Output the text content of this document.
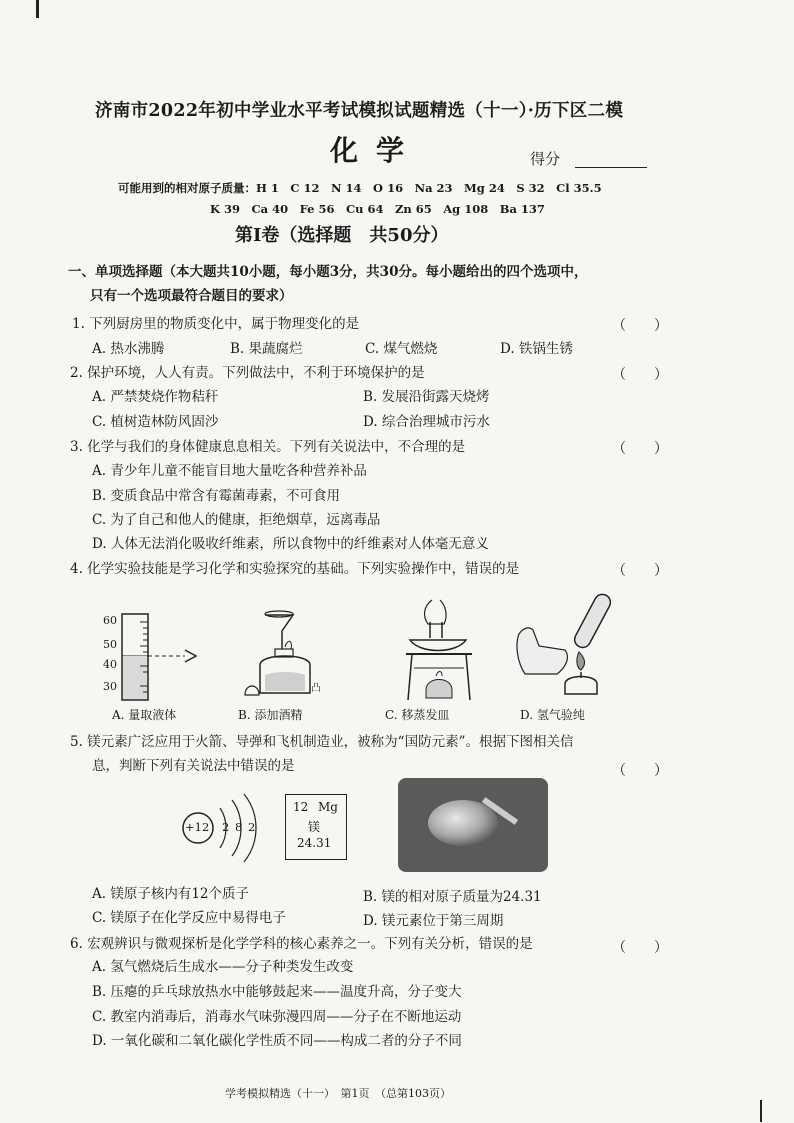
济南市2022年初中学业水平考试模拟试题精选（十一）·历下区二模
化学	得分
可能用到的相对原子质量：H 1　C 12　N 14　O 16　Na 23　Mg 24　S 32　Cl 35.5
K 39　Ca 40　Fe 56　Cu 64　Zn 65　Ag 108　Ba 137
第Ⅰ卷（选择题　共50分）
一、单项选择题（本大题共10小题，每小题3分，共30分。每小题给出的四个选项中，
只有一个选项最符合题目的要求）
1. 下列厨房里的物质变化中，属于物理变化的是	（　　）
A. 热水沸腾	B. 果蔬腐烂	C. 煤气燃烧	D. 铁锅生锈
2. 保护环境，人人有责。下列做法中，不利于环境保护的是	（　　）
A. 严禁焚烧作物秸秆	B. 发展沿街露天烧烤
C. 植树造林防风固沙	D. 综合治理城市污水
3. 化学与我们的身体健康息息相关。下列有关说法中，不合理的是	（　　）
A. 青少年儿童不能盲目地大量吃各种营养补品
B. 变质食品中常含有霉菌毒素，不可食用
C. 为了自己和他人的健康，拒绝烟草，远离毒品
D. 人体无法消化吸收纤维素，所以食物中的纤维素对人体毫无意义
4. 化学实验技能是学习化学和实验探究的基础。下列实验操作中，错误的是	（　　）
60
50
40
30	凸
B. 添加酒精	C. 移蒸发皿	D. 氢气验纯
A. 量取液体
5. 镁元素广泛应用于火箭、导弹和飞机制造业，被称为“国防元素”。根据下图相关信
息，判断下列有关说法中错误的是	（　　）
+12 2 8 2
12 Mg
镁
24.31
A. 镁原子核内有12个质子	B. 镁的相对原子质量为24.31
C. 镁原子在化学反应中易得电子	D. 镁元素位于第三周期
6. 宏观辨识与微观探析是化学学科的核心素养之一。下列有关分析，错误的是	（　　）
A. 氢气燃烧后生成水——分子种类发生改变
B. 压瘪的乒乓球放热水中能够鼓起来——温度升高，分子变大
C. 教室内消毒后，消毒水气味弥漫四周——分子在不断地运动
D. 一氧化碳和二氧化碳化学性质不同——构成二者的分子不同
学考模拟精选（十一）　第1页　（总第103页）
